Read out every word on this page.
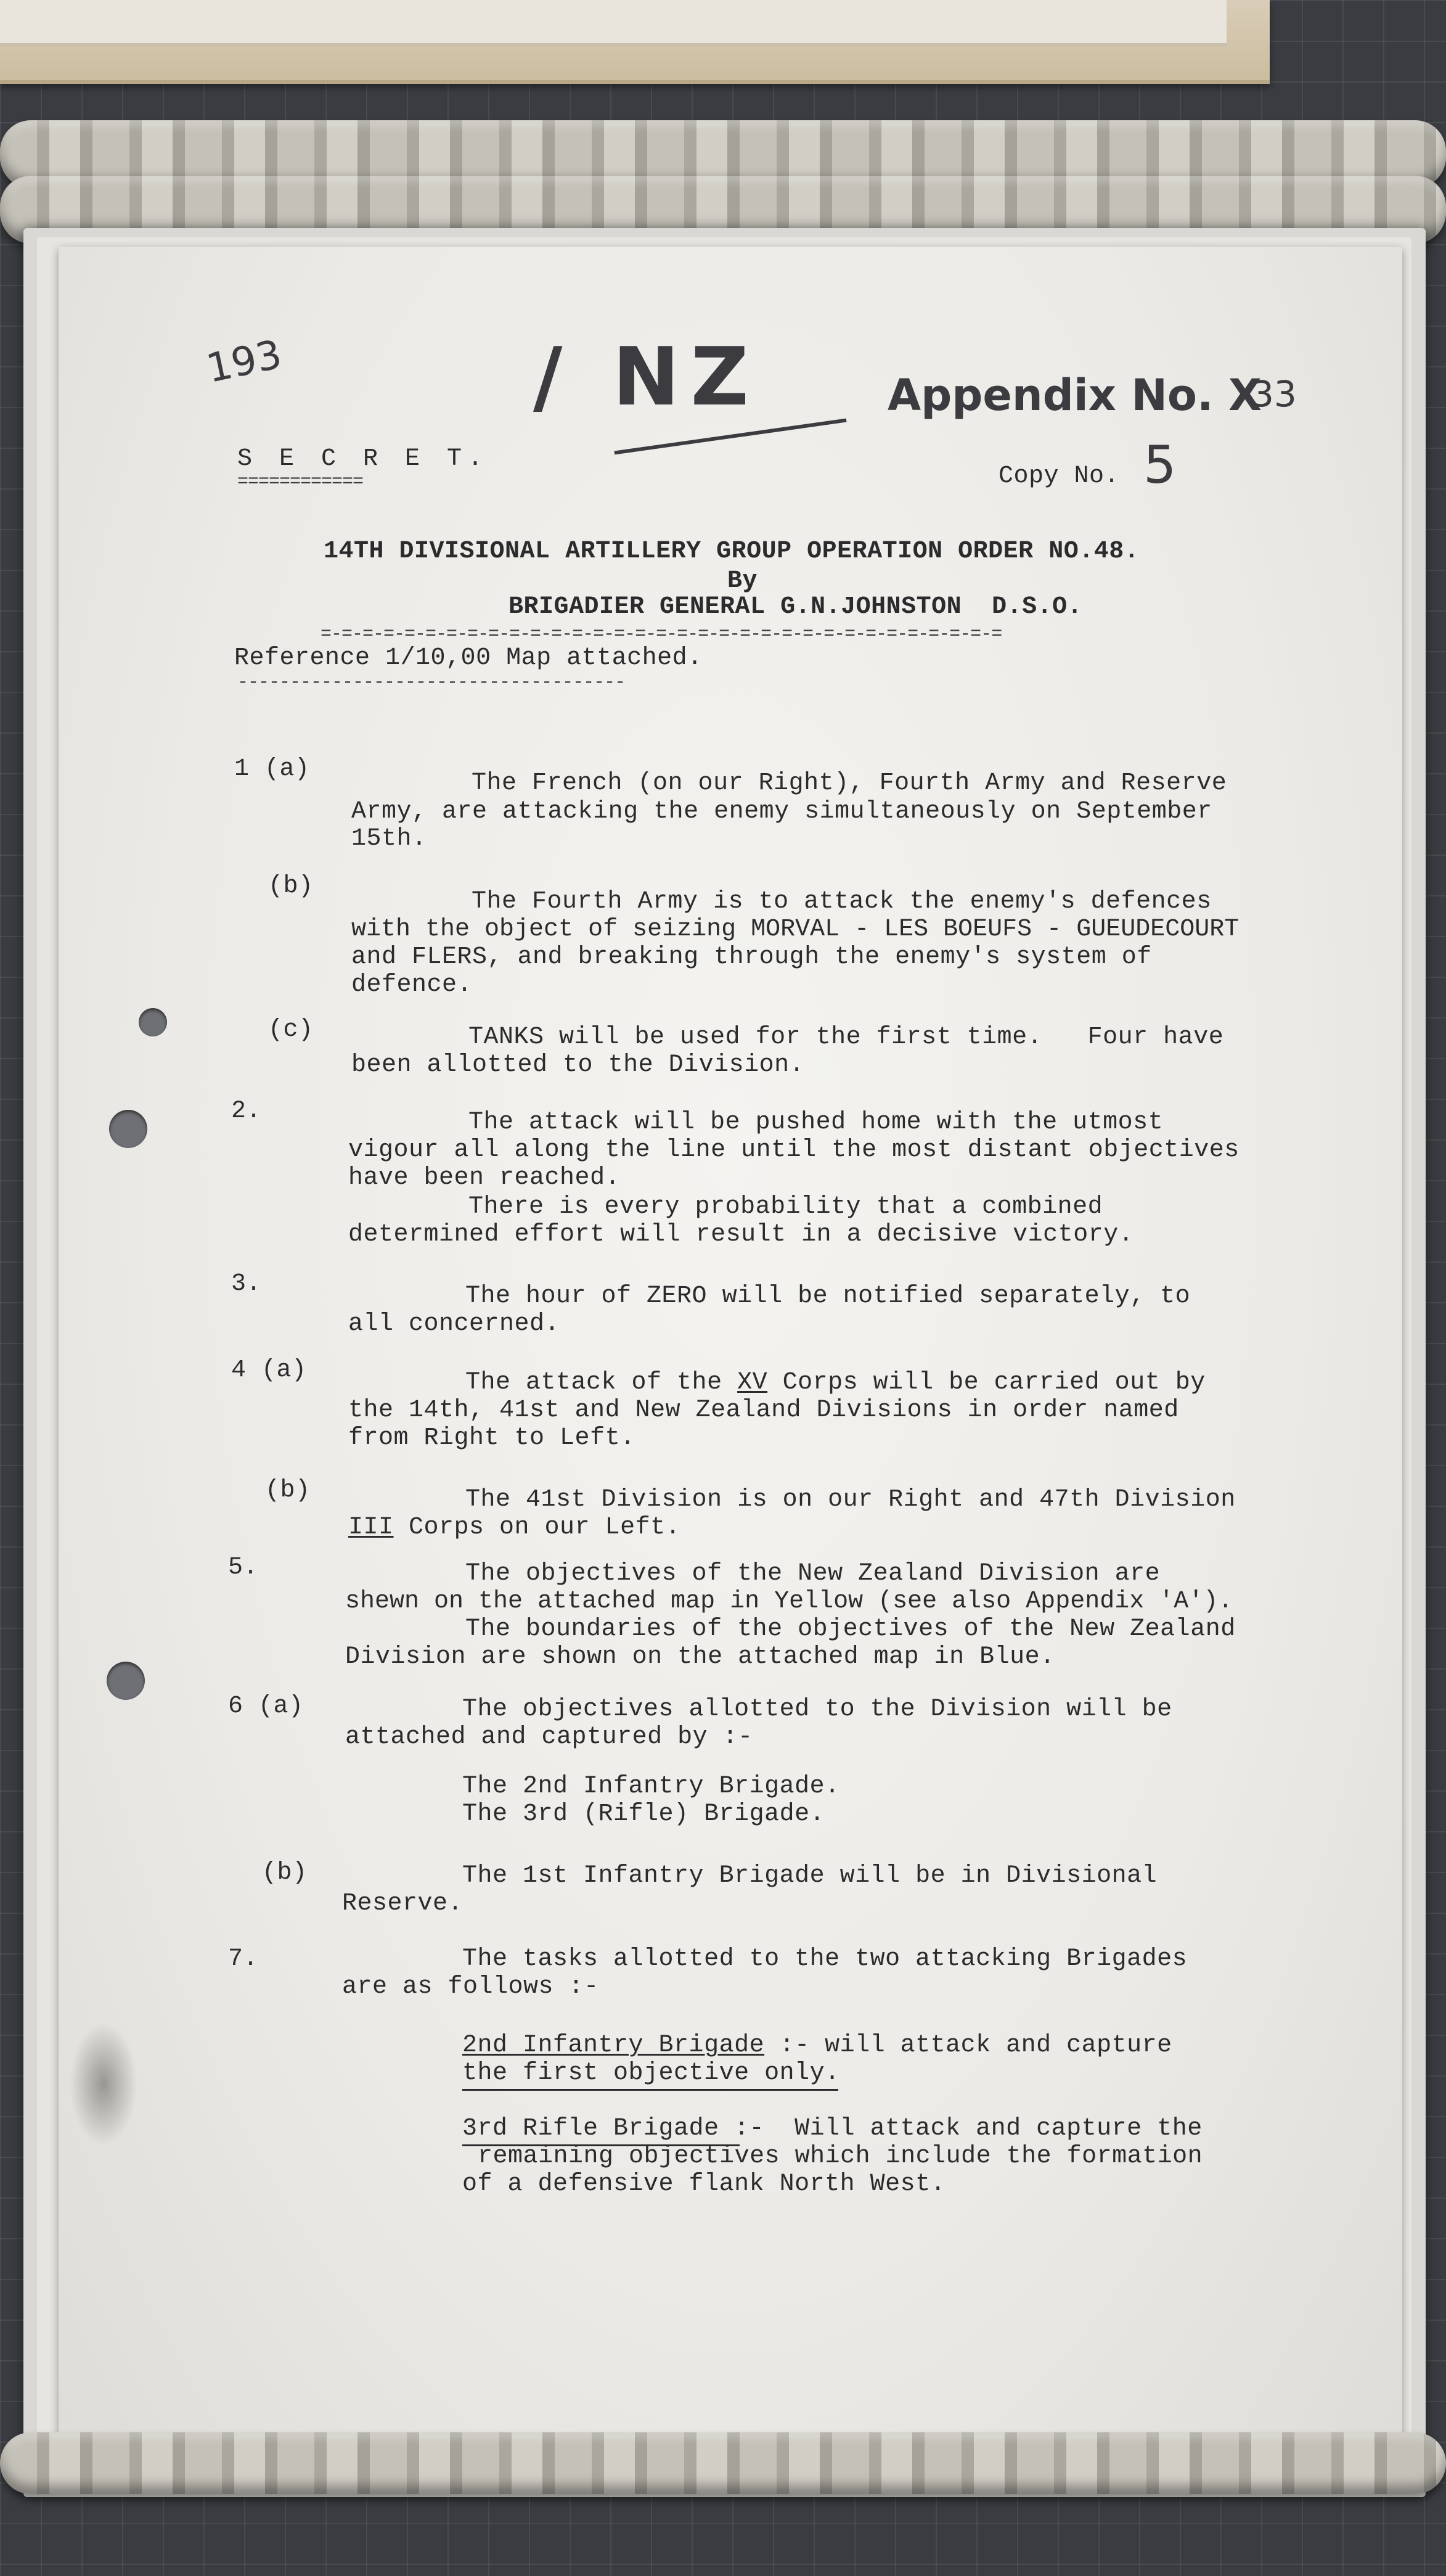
193	/ NZ	Appendix No. X
33

S E C R E T.

============	Copy No. 5

14TH DIVISIONAL ARTILLERY GROUP OPERATION ORDER NO.48.

By

BRIGADIER GENERAL G.N.JOHNSTON  D.S.O.

=-=-=-=-=-=-=-=-=-=-=-=-=-=-=-=-=-=-=-=-=-=-=-=-=-=-=-=-=-=-=-=-=

Reference 1/10,00 Map attached.

-------------------------------------

1 (a)

The French (on our Right), Fourth Army and Reserve

Army, are attacking the enemy simultaneously on September

15th.

(b)

The Fourth Army is to attack the enemy's defences

with the object of seizing MORVAL - LES BOEUFS - GUEUDECOURT

and FLERS, and breaking through the enemy's system of

defence.

(c)	TANKS will be used for the first time.   Four have

been allotted to the Division.

2.	The attack will be pushed home with the utmost

vigour all along the line until the most distant objectives

have been reached.

There is every probability that a combined

determined effort will result in a decisive victory.

3.	The hour of ZERO will be notified separately, to

all concerned.

4 (a)	The attack of the XV Corps will be carried out by

the 14th, 41st and New Zealand Divisions in order named

from Right to Left.

(b)	The 41st Division is on our Right and 47th Division

III Corps on our Left.

5.	The objectives of the New Zealand Division are

shewn on the attached map in Yellow (see also Appendix 'A').

The boundaries of the objectives of the New Zealand

Division are shown on the attached map in Blue.

6 (a)	The objectives allotted to the Division will be

attached and captured by :-

The 2nd Infantry Brigade.

The 3rd (Rifle) Brigade.

(b)	The 1st Infantry Brigade will be in Divisional

Reserve.

7.	The tasks allotted to the two attacking Brigades

are as follows :-

2nd Infantry Brigade :- will attack and capture

the first objective only.

3rd Rifle Brigade :-  Will attack and capture the

remaining objectives which include the formation

of a defensive flank North West.
